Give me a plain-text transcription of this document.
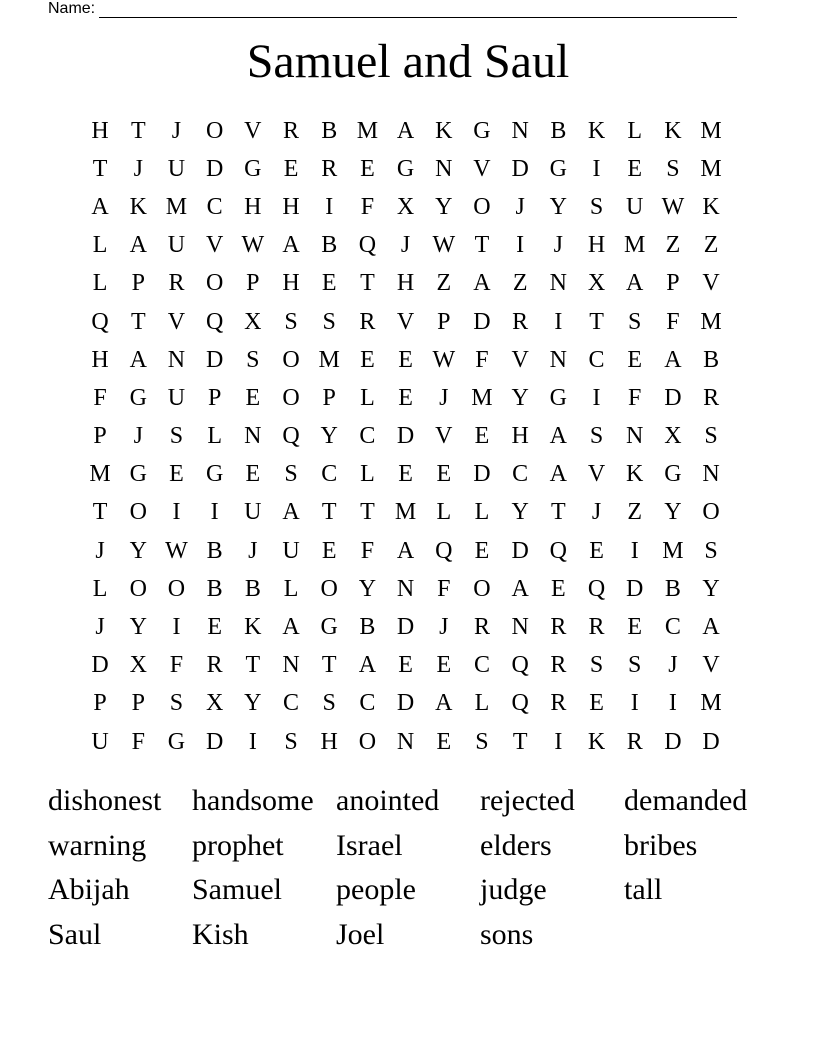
Name:
Samuel and Saul
H T	J	O V R B M A K G N B K L K M
T	J	U D G E R E G N V D G	I	E	S M
A K M C H H	I	F X Y O	J	Y S U W K
L A U V W A B Q	J W T	I	J	H M Z Z
L	P R O P H E T H Z A Z N X A P V
Q T V Q X S	S R V P D R	I	T	S	F M
H A N D S O M E E W F V N C E A B
F G U P	E O P	L E	J M Y G	I	F D R
P	J	S	L N Q Y C D V E H A S N X S
M G E G E	S C L E E D C A V K G N
T O	I	I	U A T T M L L Y T	J	Z Y O
J	Y W B	J	U E	F A Q E D Q E	I M S
L O O B B L O Y N F O A E Q D B Y
J	Y	I	E K A G B D	J	R N R R E C A
D X F R T N T A E E C Q R S	S	J	V
P	P	S X Y C S C D A L Q R E	I	I M
U F G D	I	S H O N E	S	T	I	K R D D
dishonest	handsome anointed	rejected	demanded
warning	prophet	Israel	elders	bribes
Abijah	Samuel	people	judge	tall
Saul	Kish	Joel	sons
